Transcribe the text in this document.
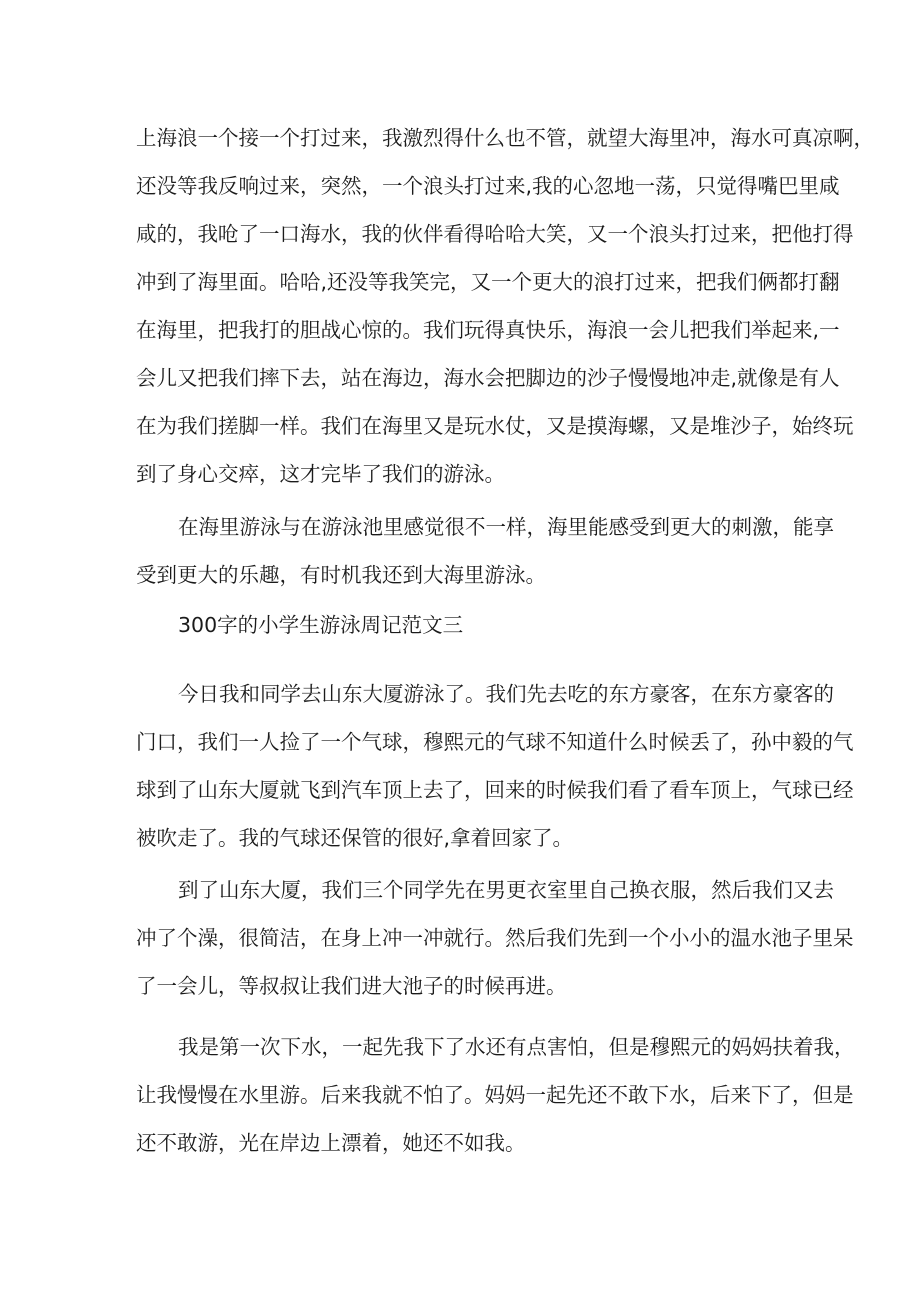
上海浪一个接一个打过来，我激烈得什么也不管，就望大海里冲，海水可真凉啊，

还没等我反响过来，突然，一个浪头打过来,我的心忽地一荡，只觉得嘴巴里咸

咸的，我呛了一口海水，我的伙伴看得哈哈大笑，又一个浪头打过来，把他打得

冲到了海里面。哈哈,还没等我笑完，又一个更大的浪打过来，把我们俩都打翻

在海里，把我打的胆战心惊的。我们玩得真快乐，海浪一会儿把我们举起来,一

会儿又把我们摔下去，站在海边，海水会把脚边的沙子慢慢地冲走,就像是有人

在为我们搓脚一样。我们在海里又是玩水仗，又是摸海螺，又是堆沙子，始终玩

到了身心交瘁，这才完毕了我们的游泳。

在海里游泳与在游泳池里感觉很不一样，海里能感受到更大的刺激，能享

受到更大的乐趣，有时机我还到大海里游泳。

300字的小学生游泳周记范文三

今日我和同学去山东大厦游泳了。我们先去吃的东方豪客，在东方豪客的

门口，我们一人捡了一个气球，穆熙元的气球不知道什么时候丢了，孙中毅的气

球到了山东大厦就飞到汽车顶上去了，回来的时候我们看了看车顶上，气球已经

被吹走了。我的气球还保管的很好,拿着回家了。

到了山东大厦，我们三个同学先在男更衣室里自己换衣服，然后我们又去

冲了个澡，很简洁，在身上冲一冲就行。然后我们先到一个小小的温水池子里呆

了一会儿，等叔叔让我们进大池子的时候再进。

我是第一次下水，一起先我下了水还有点害怕，但是穆熙元的妈妈扶着我，

让我慢慢在水里游。后来我就不怕了。妈妈一起先还不敢下水，后来下了，但是

还不敢游，光在岸边上漂着，她还不如我。
